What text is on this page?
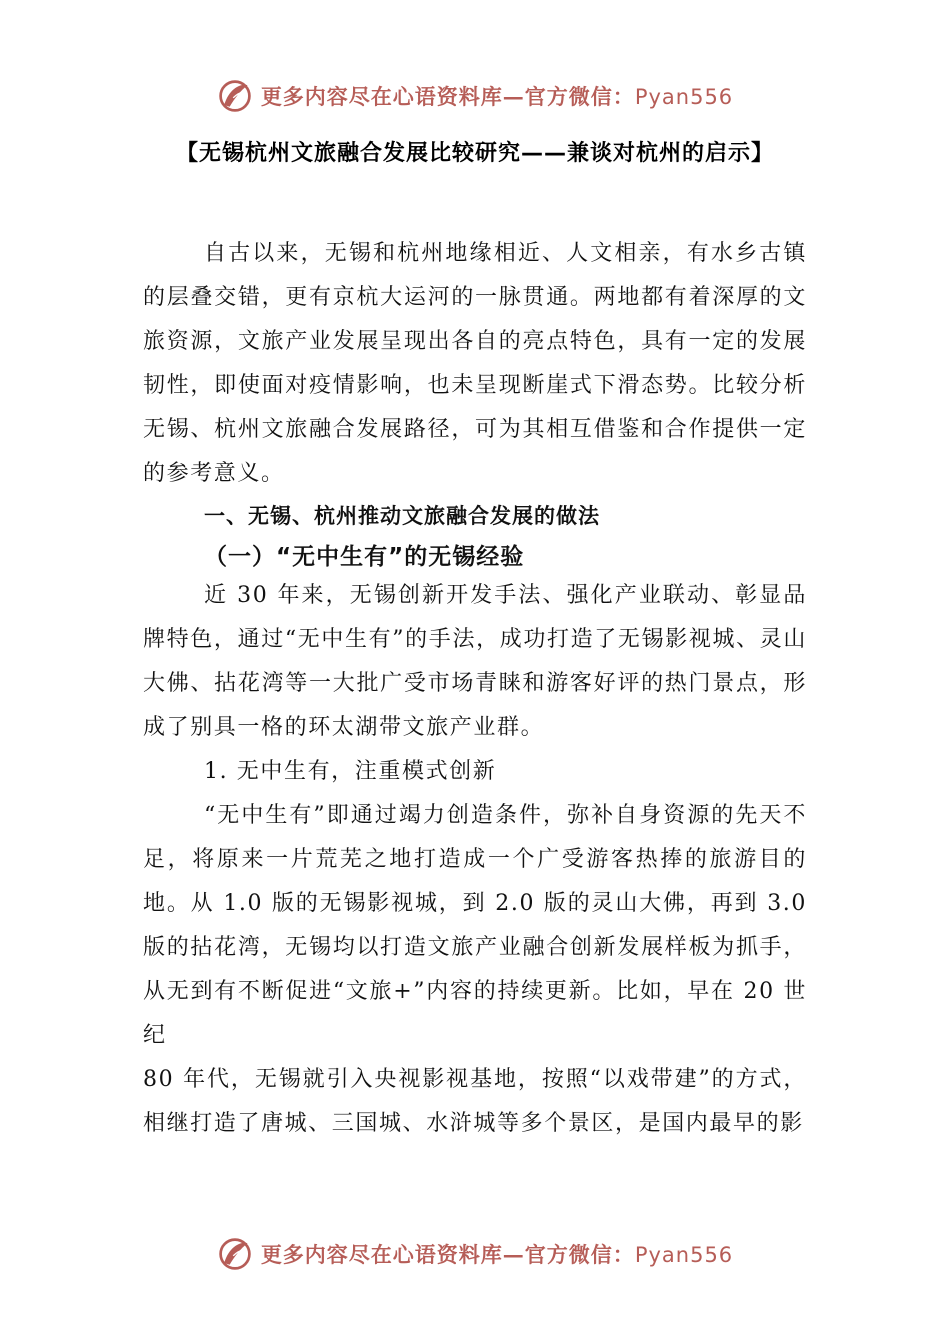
更多内容尽在心语资料库—官方微信：Pyan556
【无锡杭州文旅融合发展比较研究——兼谈对杭州的启示】

自古以来，无锡和杭州地缘相近、人文相亲，有水乡古镇的层叠交错，更有京杭大运河的一脉贯通。两地都有着深厚的文旅资源，文旅产业发展呈现出各自的亮点特色，具有一定的发展韧性，即使面对疫情影响，也未呈现断崖式下滑态势。比较分析无锡、杭州文旅融合发展路径，可为其相互借鉴和合作提供一定的参考意义。

一、无锡、杭州推动文旅融合发展的做法
（一）“无中生有”的无锡经验

近 30 年来，无锡创新开发手法、强化产业联动、彰显品牌特色，通过“无中生有”的手法，成功打造了无锡影视城、灵山大佛、拈花湾等一大批广受市场青睐和游客好评的热门景点，形成了别具一格的环太湖带文旅产业群。

1. 无中生有，注重模式创新

“无中生有”即通过竭力创造条件，弥补自身资源的先天不足，将原来一片荒芜之地打造成一个广受游客热捧的旅游目的地。从 1.0 版的无锡影视城，到 2.0 版的灵山大佛，再到 3.0 版的拈花湾，无锡均以打造文旅产业融合创新发展样板为抓手，从无到有不断促进“文旅+”内容的持续更新。比如，早在 20 世纪

80 年代，无锡就引入央视影视基地，按照“以戏带建”的方式，相继打造了唐城、三国城、水浒城等多个景区，是国内最早的影

更多内容尽在心语资料库—官方微信：Pyan556
